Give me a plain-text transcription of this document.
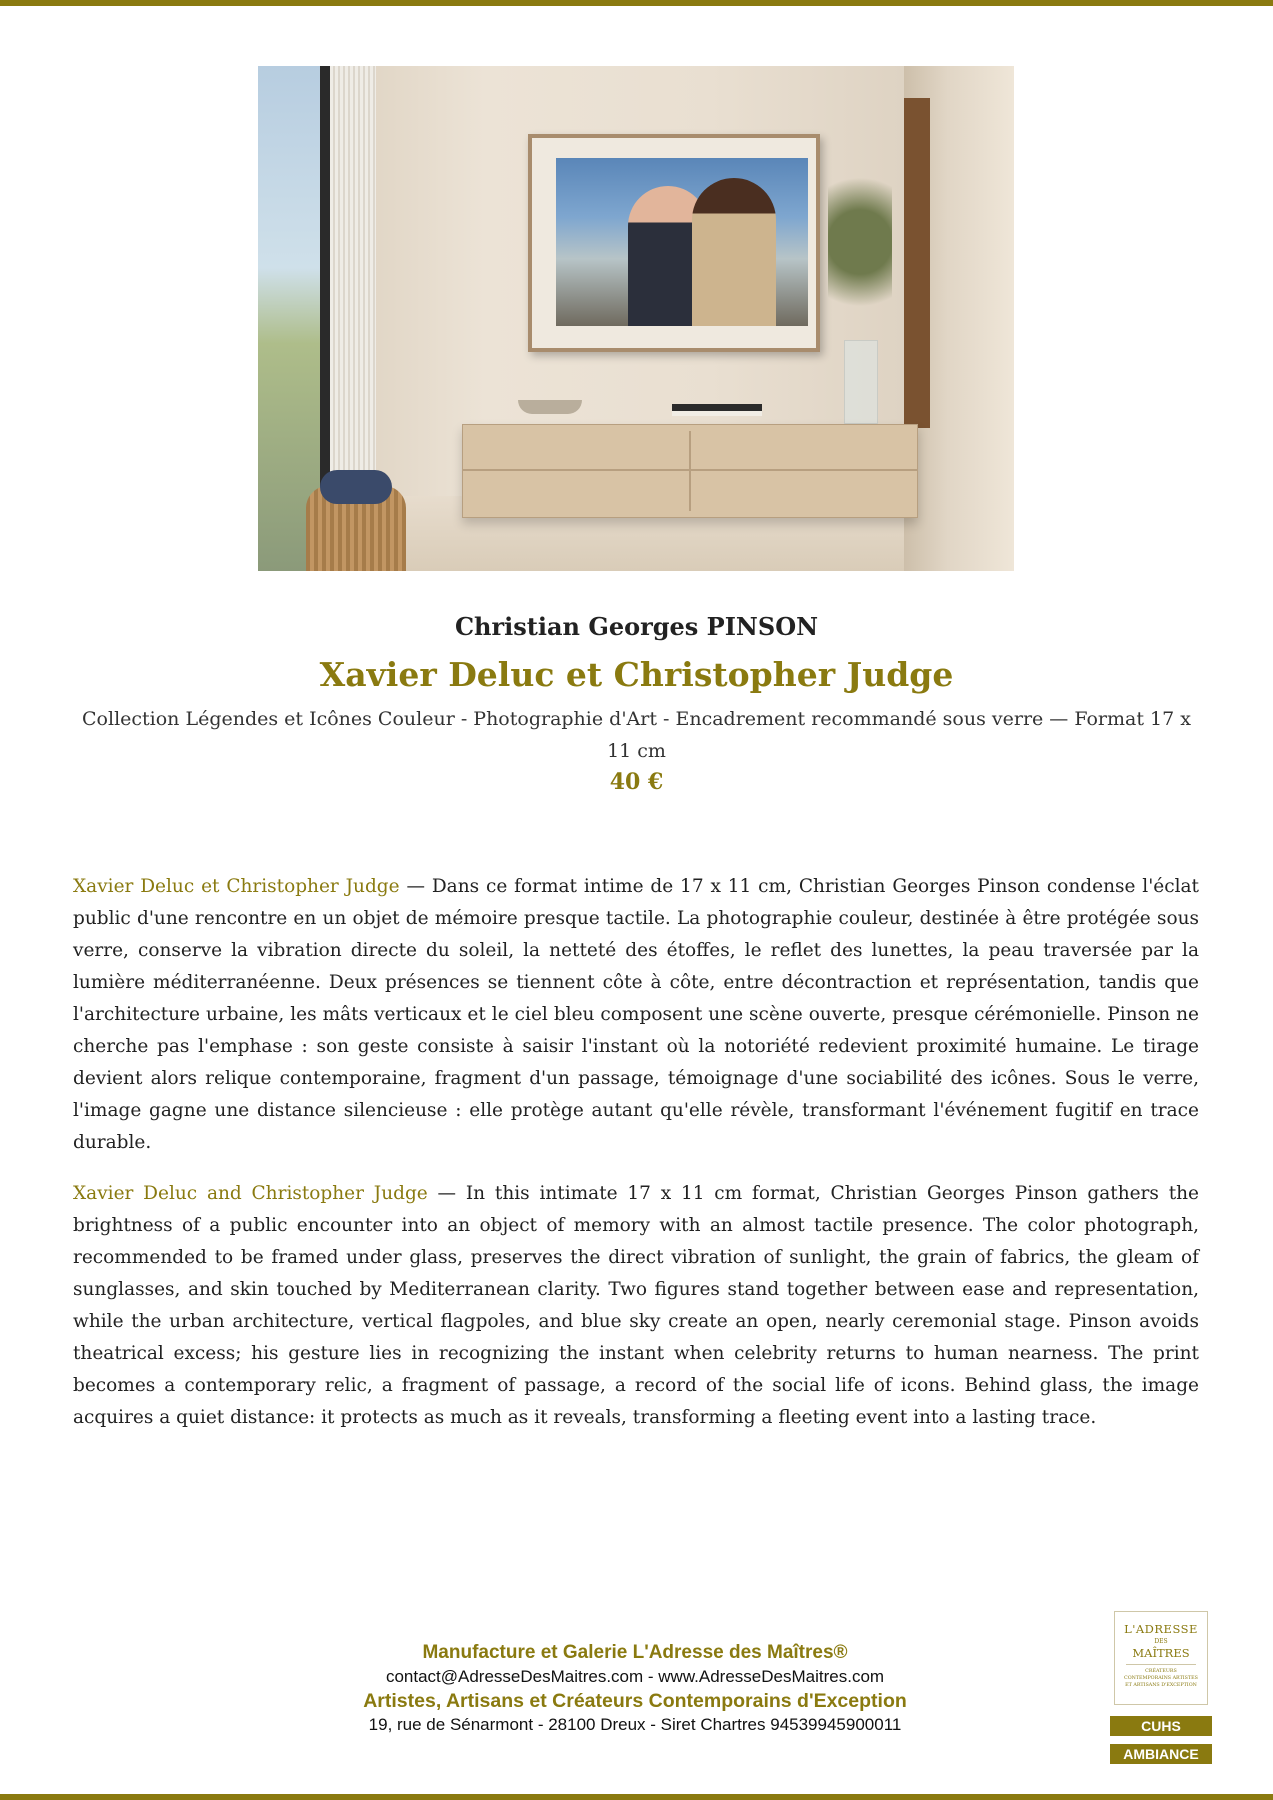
Christian Georges PINSON
Xavier Deluc et Christopher Judge

Collection Légendes et Icônes Couleur - Photographie d'Art - Encadrement recommandé sous verre — Format 17 x 11 cm

40 €

Xavier Deluc et Christopher Judge — Dans ce format intime de 17 x 11 cm, Christian Georges Pinson condense l'éclat public d'une rencontre en un objet de mémoire presque tactile. La photographie couleur, destinée à être protégée sous verre, conserve la vibration directe du soleil, la netteté des étoffes, le reflet des lunettes, la peau traversée par la lumière méditerranéenne. Deux présences se tiennent côte à côte, entre décontraction et représentation, tandis que l'architecture urbaine, les mâts verticaux et le ciel bleu composent une scène ouverte, presque cérémonielle. Pinson ne cherche pas l'emphase : son geste consiste à saisir l'instant où la notoriété redevient proximité humaine. Le tirage devient alors relique contemporaine, fragment d'un passage, témoignage d'une sociabilité des icônes. Sous le verre, l'image gagne une distance silencieuse : elle protège autant qu'elle révèle, transformant l'événement fugitif en trace durable.

Xavier Deluc and Christopher Judge — In this intimate 17 x 11 cm format, Christian Georges Pinson gathers the brightness of a public encounter into an object of memory with an almost tactile presence. The color photograph, recommended to be framed under glass, preserves the direct vibration of sunlight, the grain of fabrics, the gleam of sunglasses, and skin touched by Mediterranean clarity. Two figures stand together between ease and representation, while the urban architecture, vertical flagpoles, and blue sky create an open, nearly ceremonial stage. Pinson avoids theatrical excess; his gesture lies in recognizing the instant when celebrity returns to human nearness. The print becomes a contemporary relic, a fragment of passage, a record of the social life of icons. Behind glass, the image acquires a quiet distance: it protects as much as it reveals, transforming a fleeting event into a lasting trace.

Manufacture et Galerie L'Adresse des Maîtres®

contact@AdresseDesMaitres.com - www.AdresseDesMaitres.com

Artistes, Artisans et Créateurs Contemporains d'Exception

19, rue de Sénarmont - 28100 Dreux - Siret Chartres 94539945900011

L'ADRESSE
DES
MAÎTRES
CRÉATEURS CONTEMPORAINS ARTISTES ET ARTISANS D'EXCEPTION
CUHS
AMBIANCE
